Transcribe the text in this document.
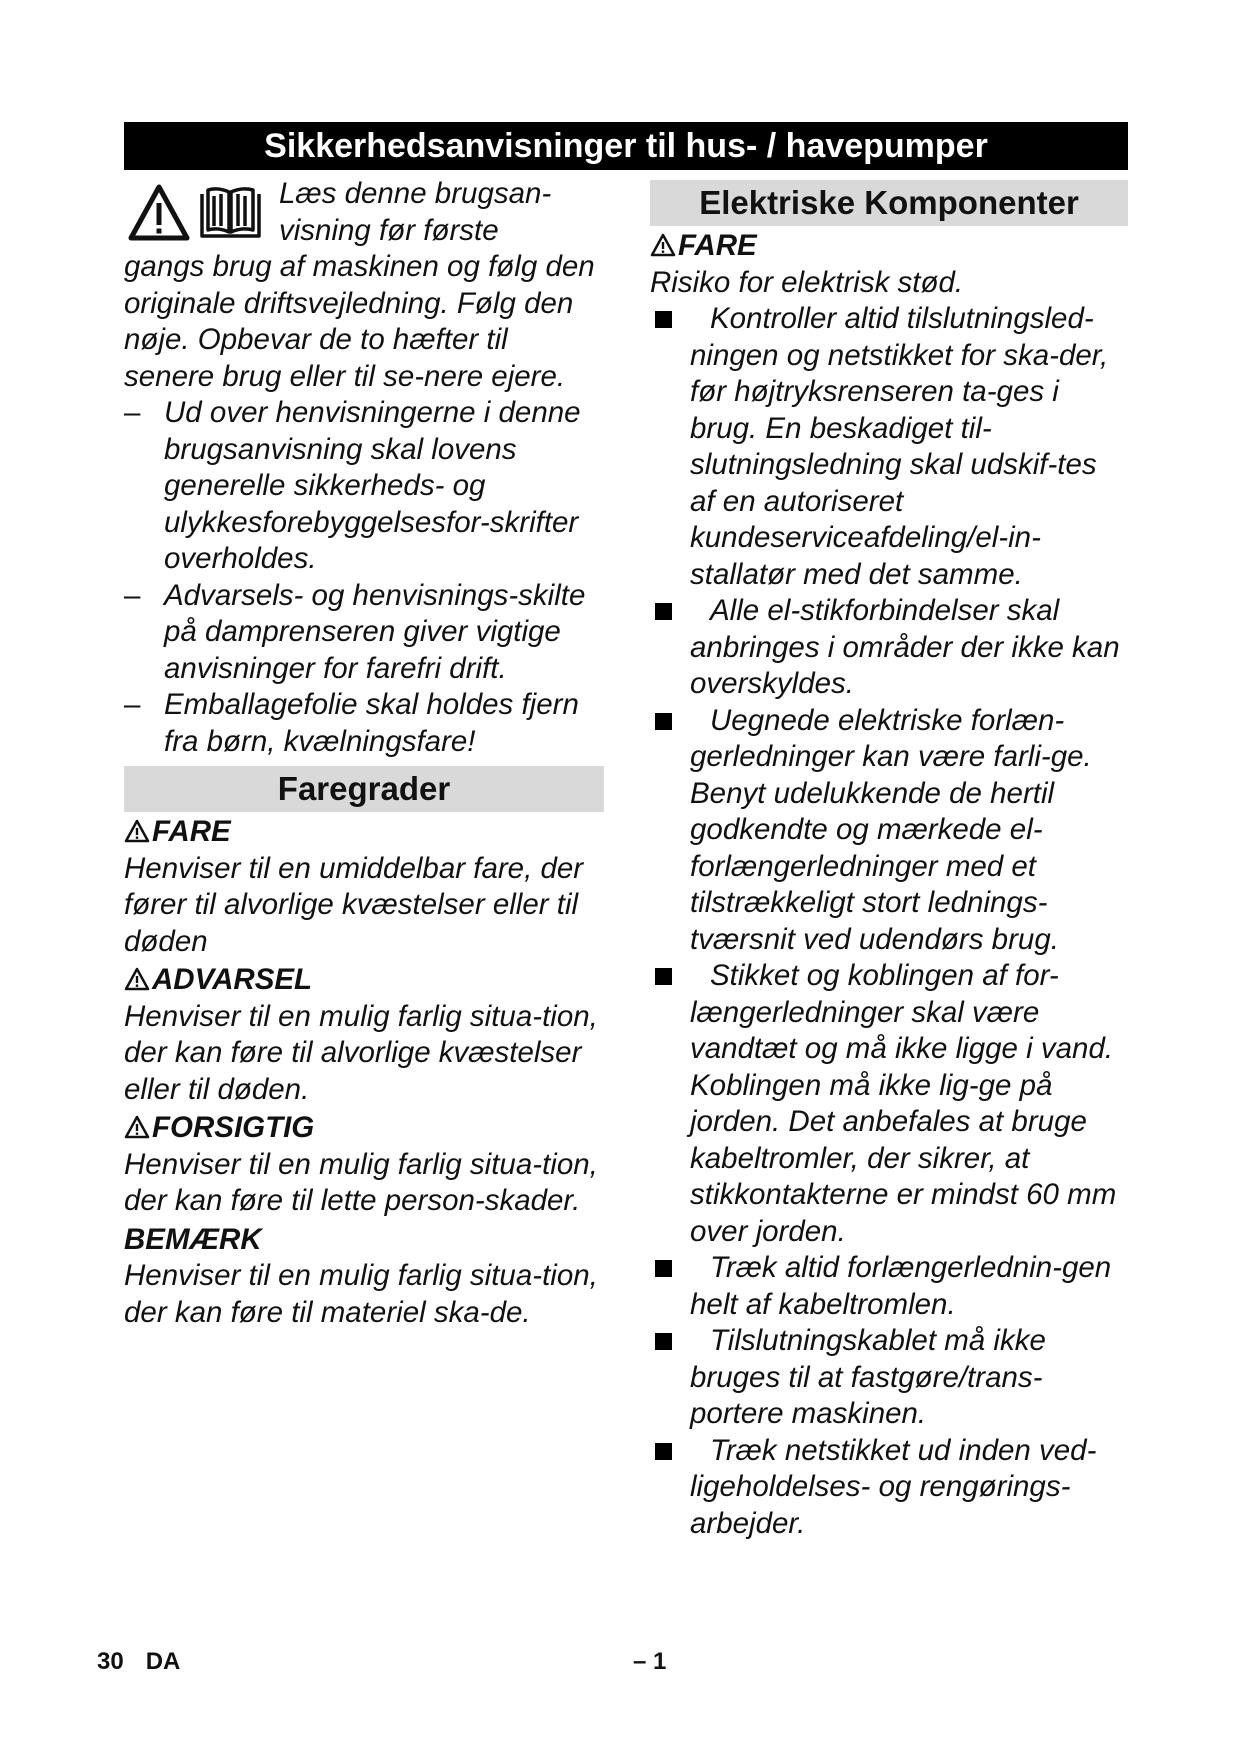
Sikkerhedsanvisninger til hus- / havepumper
Læs denne brugsan-
visning før første
gangs brug af maskinen og følg den originale driftsvejledning. Følg den nøje. Opbevar de to hæfter til senere brug eller til se-nere ejere.
– Ud over henvisningerne i denne brugsanvisning skal lovens generelle sikkerheds- og ulykkesforebyggelsesfor-skrifter overholdes.
– Advarsels- og henvisnings-skilte på damprenseren giver vigtige anvisninger for farefri drift.
– Emballagefolie skal holdes fjern fra børn, kvælningsfare!
Faregrader
FARE
Henviser til en umiddelbar fare, der fører til alvorlige kvæstelser eller til døden
ADVARSEL
Henviser til en mulig farlig situa-tion, der kan føre til alvorlige kvæstelser eller til døden.
FORSIGTIG
Henviser til en mulig farlig situa-tion, der kan føre til lette person-skader.
BEMÆRK
Henviser til en mulig farlig situa-tion, der kan føre til materiel ska-de.
Elektriske Komponenter
FARE
Risiko for elektrisk stød.
Kontroller altid tilslutningsled-ningen og netstikket for ska-der, før højtryksrenseren ta-ges i brug. En beskadiget til-slutningsledning skal udskif-tes af en autoriseret kundeserviceafdeling/el-in-stallatør med det samme.
Alle el-stikforbindelser skal anbringes i områder der ikke kan overskyldes.
Uegnede elektriske forlæn-gerledninger kan være farli-ge. Benyt udelukkende de hertil godkendte og mærkede el-forlængerledninger med et tilstrækkeligt stort lednings-tværsnit ved udendørs brug.
Stikket og koblingen af for-længerledninger skal være vandtæt og må ikke ligge i vand. Koblingen må ikke lig-ge på jorden. Det anbefales at bruge kabeltromler, der sikrer, at stikkontakterne er mindst 60 mm over jorden.
Træk altid forlængerlednin-gen helt af kabeltromlen.
Tilslutningskablet må ikke bruges til at fastgøre/trans-portere maskinen.
Træk netstikket ud inden ved-ligeholdelses- og rengørings-arbejder.
30 DA	– 1
